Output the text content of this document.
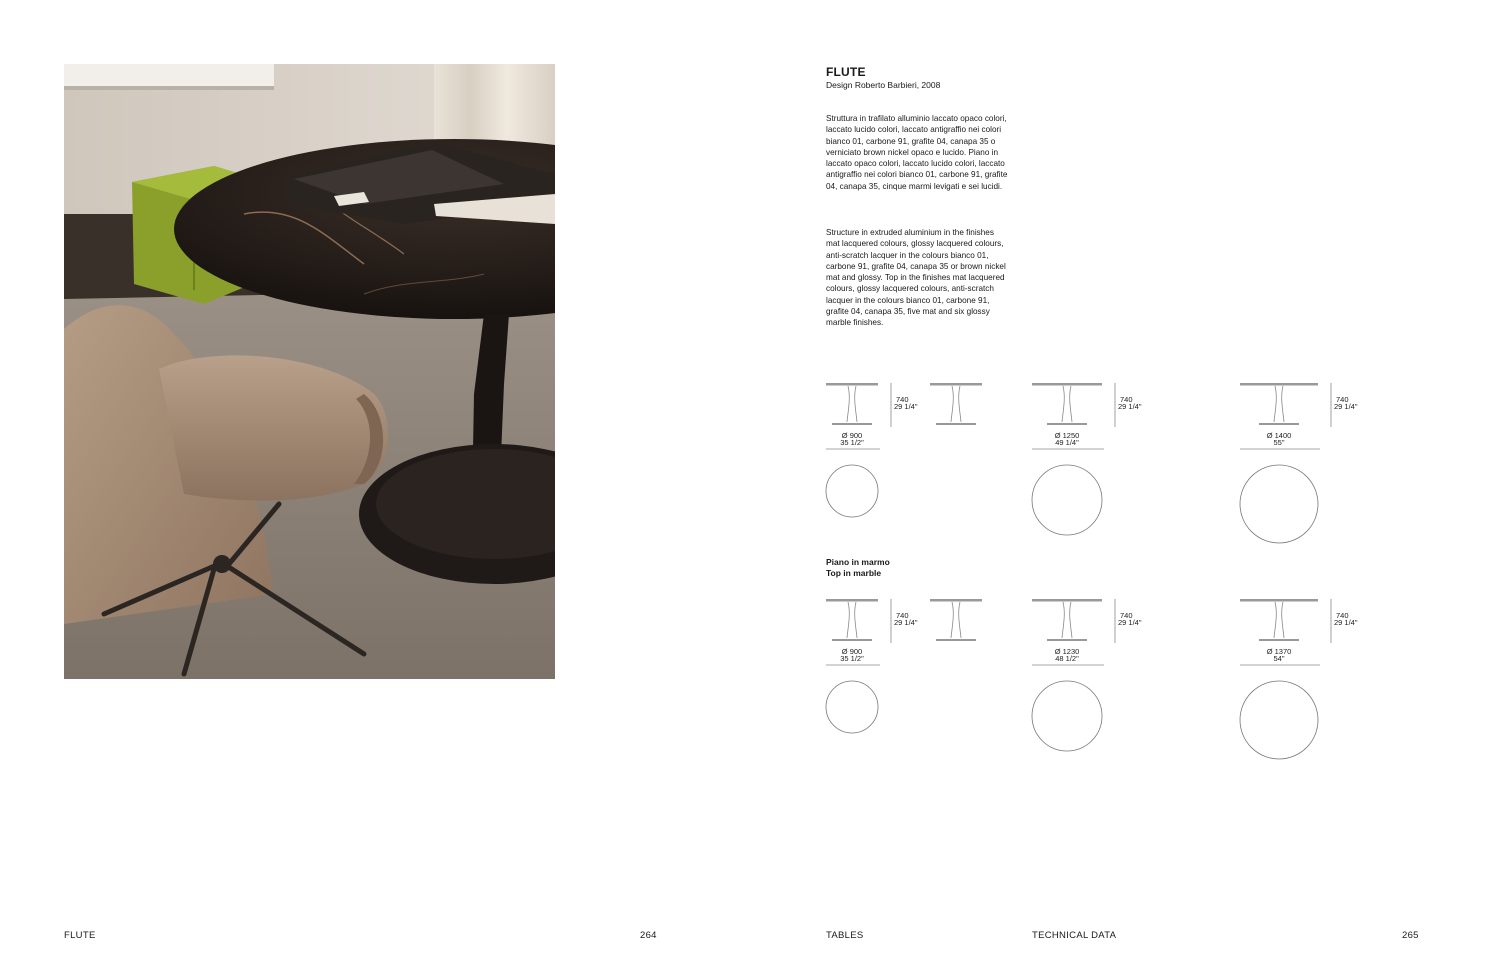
FLUTE
Design Roberto Barbieri, 2008
Struttura in trafilato alluminio laccato opaco colori, laccato lucido colori, laccato antigraffio nei colori bianco 01, carbone 91, grafite 04, canapa 35 o verniciato brown nickel opaco e lucido. Piano in laccato opaco colori, laccato lucido colori, laccato antigraffio nei colori bianco 01, carbone 91, grafite 04, canapa 35, cinque marmi levigati e sei lucidi.
Structure in extruded aluminium in the finishes mat lacquered colours, glossy lacquered colours, anti-scratch lacquer in the colours bianco 01, carbone 91, grafite 04, canapa 35 or brown nickel mat and glossy. Top in the finishes mat lacquered colours, glossy lacquered colours, anti-scratch lacquer in the colours bianco 01, carbone 91, grafite 04, canapa 35, five mat and six glossy marble finishes.
Piano in marmo
Top in marble
740
29 1/4"
Ø 900
35 1/2"
740
29 1/4"
Ø 1250
49 1/4"
740
29 1/4"
Ø 1400
55"
740
29 1/4"
Ø 900
35 1/2"
740
29 1/4"
Ø 1230
48 1/2"
740
29 1/4"
Ø 1370
54"
FLUTE	264	TABLES	TECHNICAL DATA	265
